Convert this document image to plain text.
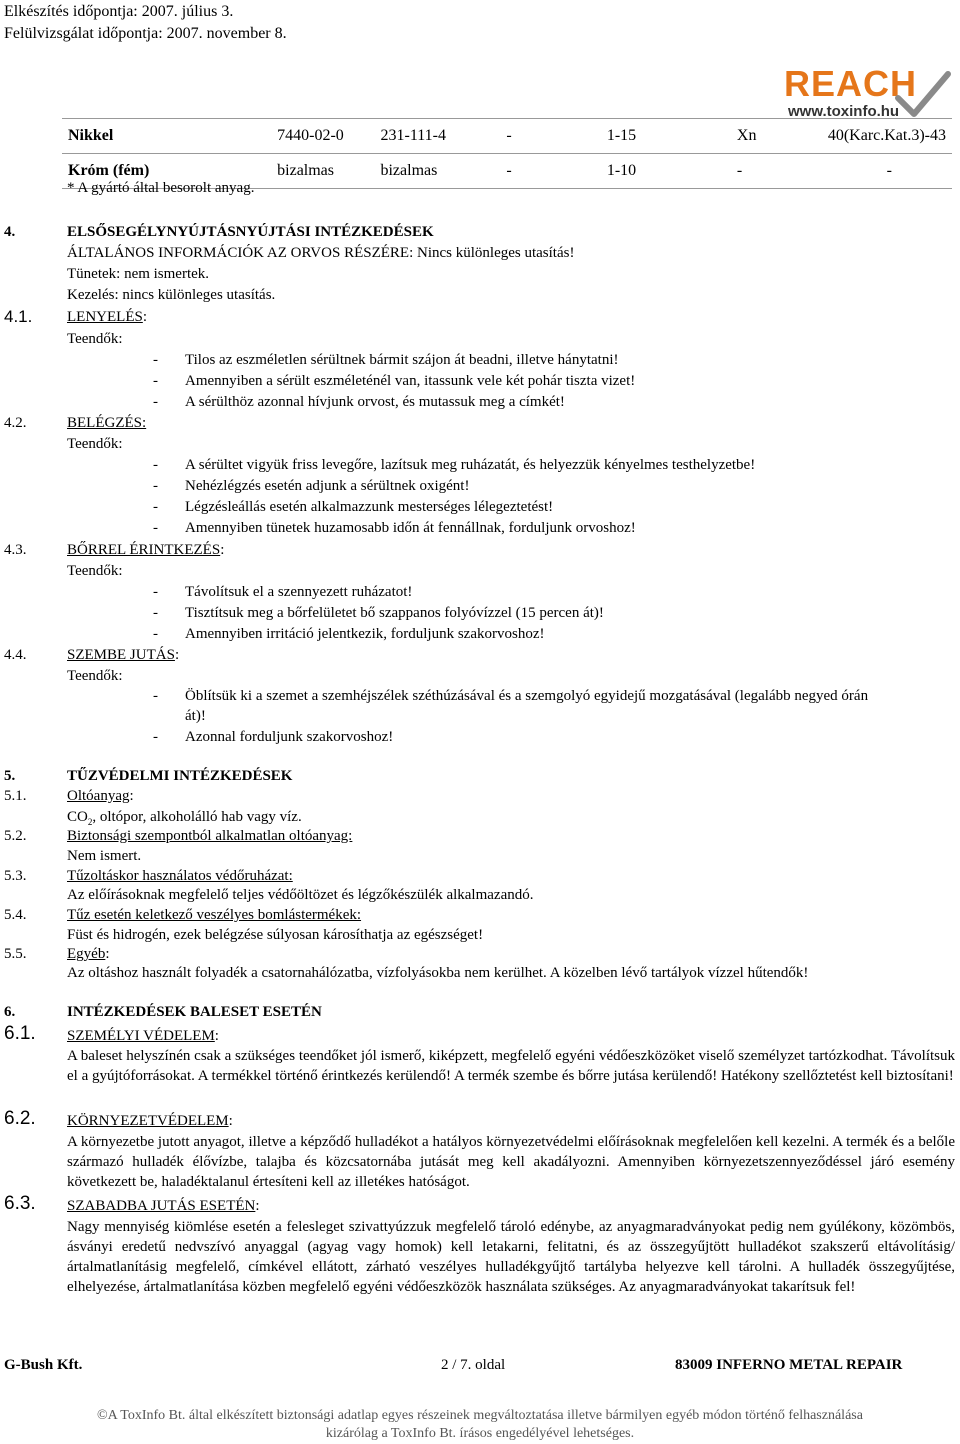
Elkészítés időpontja: 2007. július 3.
Felülvizsgálat időpontja: 2007. november 8.
REACH
www.toxinfo.hu
Nikkel	7440-02-0	231-111-4	-	1-15	Xn	40(Karc.Kat.3)-43
Króm (fém)	bizalmas	bizalmas	-	1-10	-	-
* A gyártó által besorolt anyag.
4.	ELSŐSEGÉLYNYÚJTÁSNYÚJTÁSI INTÉZKEDÉSEK
ÁLTALÁNOS INFORMÁCIÓK AZ ORVOS RÉSZÉRE: Nincs különleges utasítás!
Tünetek: nem ismertek.
Kezelés: nincs különleges utasítás.
4.1. LENYELÉS:
Teendők:
- Tilos az eszméletlen sérültnek bármit szájon át beadni, illetve hánytatni!
- Amennyiben a sérült eszméleténél van, itassunk vele két pohár tiszta vizet!
- A sérülthöz azonnal hívjunk orvost, és mutassuk meg a címkét!
4.2.	BELÉGZÉS:
Teendők:
- A sérültet vigyük friss levegőre, lazítsuk meg ruházatát, és helyezzük kényelmes testhelyzetbe!
- Nehézlégzés esetén adjunk a sérültnek oxigént!
- Légzésleállás esetén alkalmazzunk mesterséges lélegeztetést!
- Amennyiben tünetek huzamosabb időn át fennállnak, forduljunk orvoshoz!
4.3.	BŐRREL ÉRINTKEZÉS:
Teendők:
- Távolítsuk el a szennyezett ruházatot!
- Tisztítsuk meg a bőrfelületet bő szappanos folyóvízzel (15 percen át)!
- Amennyiben irritáció jelentkezik, forduljunk szakorvoshoz!
4.4.	SZEMBE JUTÁS:
Teendők:
- Öblítsük ki a szemet a szemhéjszélek széthúzásával és a szemgolyó egyidejű mozgatásával (legalább negyed órán
át)!
- Azonnal forduljunk szakorvoshoz!
5.	TŰZVÉDELMI INTÉZKEDÉSEK
5.1.	Oltóanyag:
$CO_2$, oltópor, alkoholálló hab vagy víz.
5.2.	Biztonsági szempontból alkalmatlan oltóanyag:
Nem ismert.
5.3.	Tűzoltáskor használatos védőruházat:
Az előírásoknak megfelelő teljes védőöltözet és légzőkészülék alkalmazandó.
5.4.	Tűz esetén keletkező veszélyes bomlástermékek:
Füst és hidrogén, ezek belégzése súlyosan károsíthatja az egészséget!
5.5.	Egyéb:
Az oltáshoz használt folyadék a csatornahálózatba, vízfolyásokba nem kerülhet. A közelben lévő tartályok vízzel hűtendők!
6.	INTÉZKEDÉSEK BALESET ESETÉN
6.1. SZEMÉLYI VÉDELEM:
A baleset helyszínén csak a szükséges teendőket jól ismerő, kiképzett, megfelelő egyéni védőeszközöket viselő személyzet tartózkodhat. Távolítsuk el a gyújtóforrásokat. A termékkel történő érintkezés kerülendő! A termék szembe és bőrre jutása kerülendő! Hatékony szellőztetést kell biztosítani!
6.2. KÖRNYEZETVÉDELEM:
A környezetbe jutott anyagot, illetve a képződő hulladékot a hatályos környezetvédelmi előírásoknak megfelelően kell kezelni. A termék és a belőle származó hulladék élővízbe, talajba és közcsatornába jutását meg kell akadályozni. Amennyiben környezetszennyeződéssel járó esemény következett be, haladéktalanul értesíteni kell az illetékes hatóságot.
6.3. SZABADBA JUTÁS ESETÉN:
Nagy mennyiség kiömlése esetén a felesleget szivattyúzzuk megfelelő tároló edénybe, az anyagmaradványokat pedig nem gyúlékony, közömbös, ásványi eredetű nedvszívó anyaggal (agyag vagy homok) kell letakarni, felitatni, és az összegyűjtött hulladékot szakszerű eltávolításig/ártalmatlanításig megfelelő, címkével ellátott, zárható veszélyes hulladékgyűjtő tartályba helyezve kell tárolni. A hulladék összegyűjtése, elhelyezése, ártalmatlanítása közben megfelelő egyéni védőeszközök használata szükséges. Az anyagmaradványokat takarítsuk fel!
G-Bush Kft.	2 / 7. oldal	83009 INFERNO METAL REPAIR
©A ToxInfo Bt. által elkészített biztonsági adatlap egyes részeinek megváltoztatása illetve bármilyen egyéb módon történő felhasználása
kizárólag a ToxInfo Bt. írásos engedélyével lehetséges.
